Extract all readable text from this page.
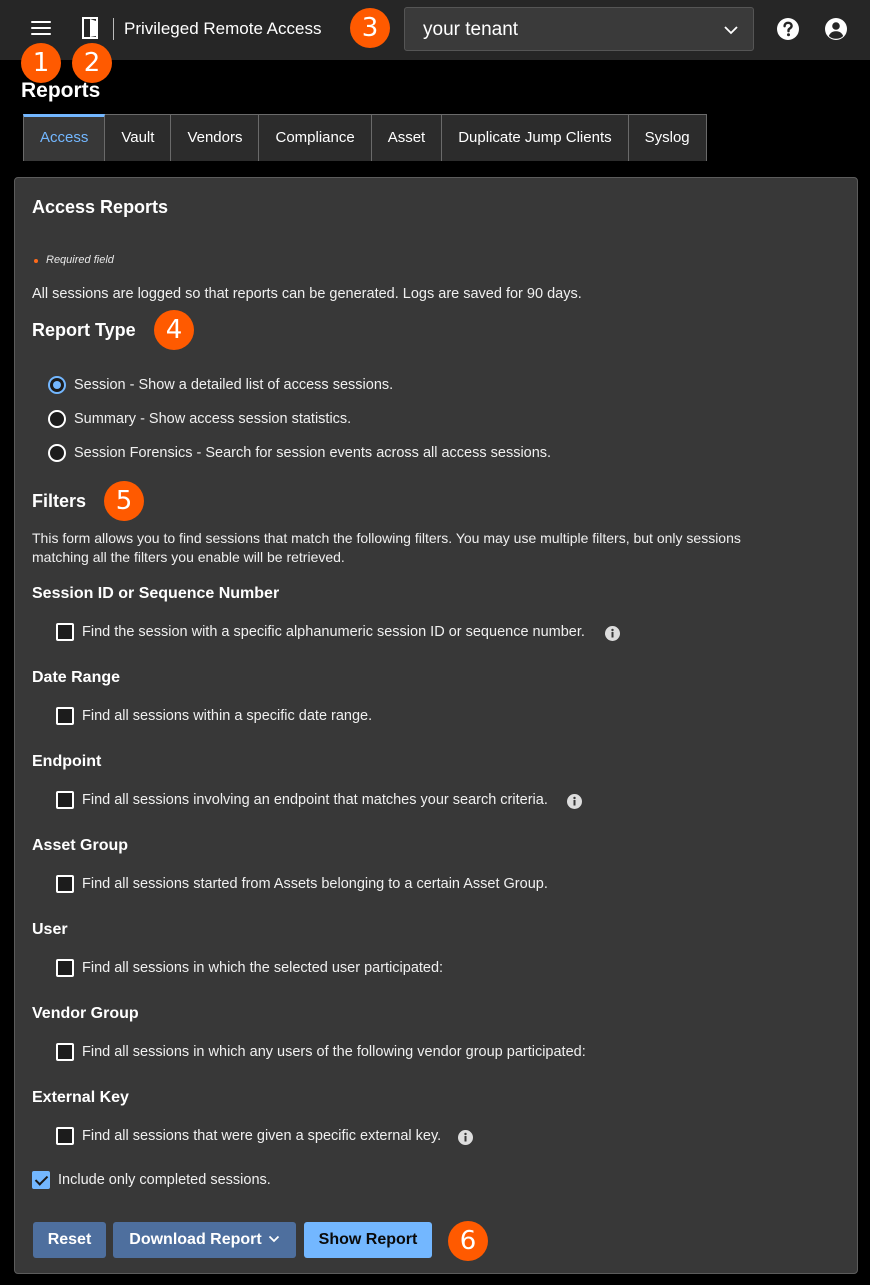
Privileged Remote Access	your tenant
1	2
3
Reports
Access	Vault	Vendors	Compliance	Asset	Duplicate Jump Clients	Syslog
Access Reports
Required field
All sessions are logged so that reports can be generated. Logs are saved for 90 days.
Report Type
Session - Show a detailed list of access sessions.
Summary - Show access session statistics.
Session Forensics - Search for session events across all access sessions.
Filters
This form allows you to find sessions that match the following filters. You may use multiple filters, but only sessions
matching all the filters you enable will be retrieved.
Session ID or Sequence Number
Find the session with a specific alphanumeric session ID or sequence number.
Date Range
Find all sessions within a specific date range.
Endpoint
Find all sessions involving an endpoint that matches your search criteria.
Asset Group
Find all sessions started from Assets belonging to a certain Asset Group.
User
Find all sessions in which the selected user participated:
Vendor Group
Find all sessions in which any users of the following vendor group participated:
External Key
Find all sessions that were given a specific external key.
Include only completed sessions.
Reset	Download Report	Show Report
4
5
6
